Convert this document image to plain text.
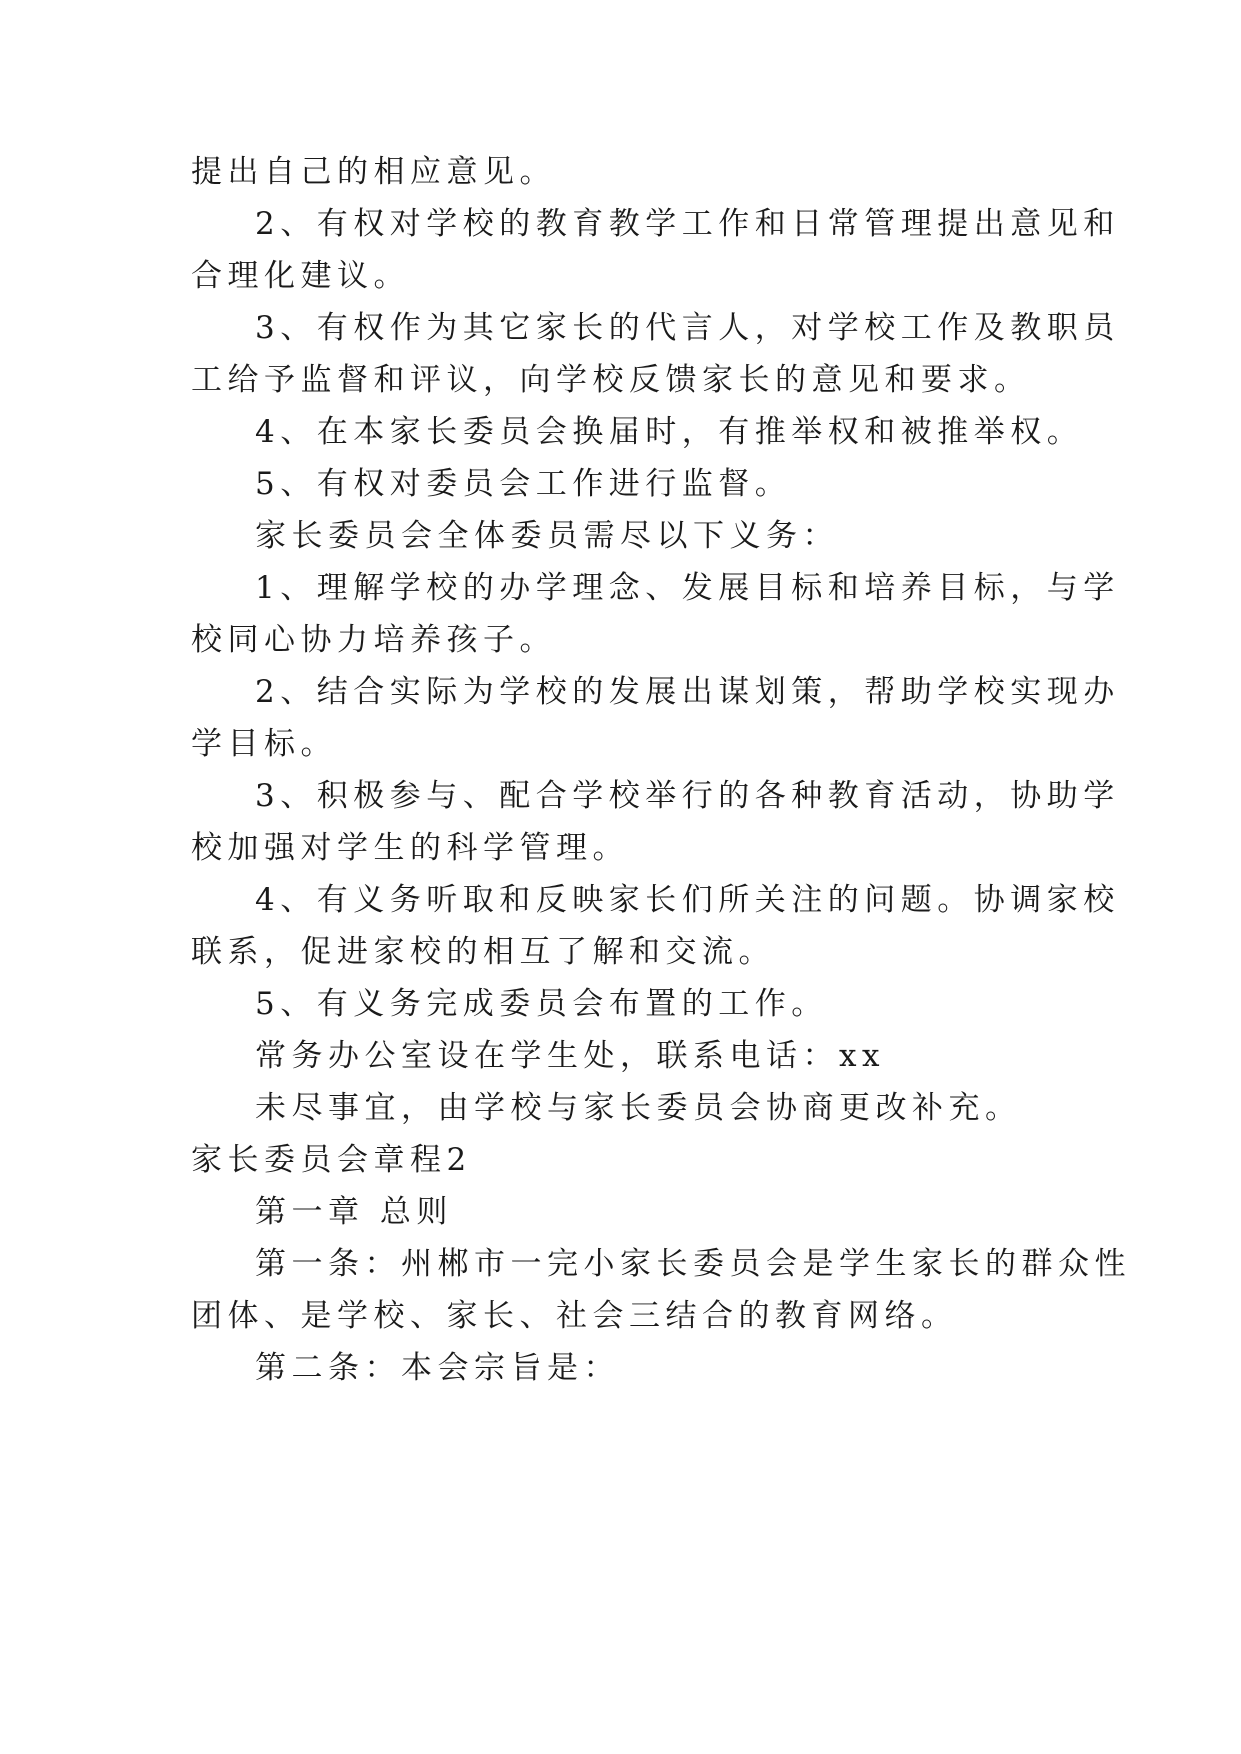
提出自己的相应意见。
2、有权对学校的教育教学工作和日常管理提出意见和
合理化建议。
3、有权作为其它家长的代言人，对学校工作及教职员
工给予监督和评议，向学校反馈家长的意见和要求。
4、在本家长委员会换届时，有推举权和被推举权。
5、有权对委员会工作进行监督。
家长委员会全体委员需尽以下义务：
1、理解学校的办学理念、发展目标和培养目标，与学
校同心协力培养孩子。
2、结合实际为学校的发展出谋划策，帮助学校实现办
学目标。
3、积极参与、配合学校举行的各种教育活动，协助学
校加强对学生的科学管理。
4、有义务听取和反映家长们所关注的问题。协调家校
联系，促进家校的相互了解和交流。
5、有义务完成委员会布置的工作。
常务办公室设在学生处，联系电话：xx
未尽事宜，由学校与家长委员会协商更改补充。
家长委员会章程2
第一章 总则
第一条：州郴市一完小家长委员会是学生家长的群众性
团体、是学校、家长、社会三结合的教育网络。
第二条：本会宗旨是：
